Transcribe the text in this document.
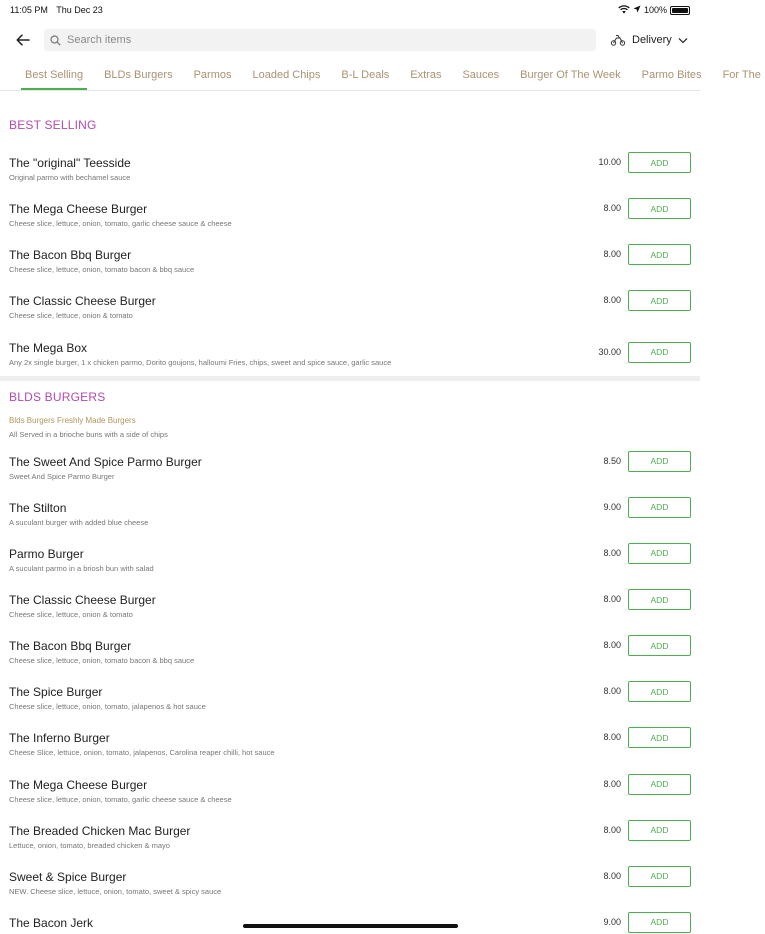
11:05 PM Thu Dec 23	100%
Search items
Delivery
Best Selling	BLDs Burgers	Parmos	Loaded Chips	B-L Deals	Extras	Sauces	Burger Of The Week	Parmo Bites	For The
BEST SELLING
The "original" Teesside
Original parmo with bechamel sauce
10.00	ADD
The Mega Cheese Burger
Cheese slice, lettuce, onion, tomato, garlic cheese sauce & cheese
8.00	ADD
The Bacon Bbq Burger
Cheese slice, lettuce, onion, tomato bacon & bbq sauce
8.00	ADD
The Classic Cheese Burger
Cheese slice, lettuce, onion & tomato
8.00	ADD
The Mega Box
Any 2x single burger, 1 x chicken parmo, Dorito goujons, halloumi Fries, chips, sweet and spice sauce, garlic sauce
30.00	ADD
BLDS BURGERS
Blds Burgers Freshly Made Burgers
All Served in a brioche buns with a side of chips
The Sweet And Spice Parmo Burger
Sweet And Spice Parmo Burger
8.50	ADD
The Stilton
A suculant burger with added blue cheese
9.00	ADD
Parmo Burger
A suculant parmo in a briosh bun with salad
8.00	ADD
The Classic Cheese Burger
Cheese slice, lettuce, onion & tomato
8.00	ADD
The Bacon Bbq Burger
Cheese slice, lettuce, onion, tomato bacon & bbq sauce
8.00	ADD
The Spice Burger
Cheese slice, lettuce, onion, tomato, jalapenos & hot sauce
8.00	ADD
The Inferno Burger
Cheese Slice, lettuce, onion, tomato, jalapenos, Carolina reaper chilli, hot sauce
8.00	ADD
The Mega Cheese Burger
Cheese slice, lettuce, onion, tomato, garlic cheese sauce & cheese
8.00	ADD
The Breaded Chicken Mac Burger
Lettuce, onion, tomato, breaded chicken & mayo
8.00	ADD
Sweet & Spice Burger
NEW. Cheese slice, lettuce, onion, tomato, sweet & spicy sauce
8.00	ADD
The Bacon Jerk	9.00	ADD
